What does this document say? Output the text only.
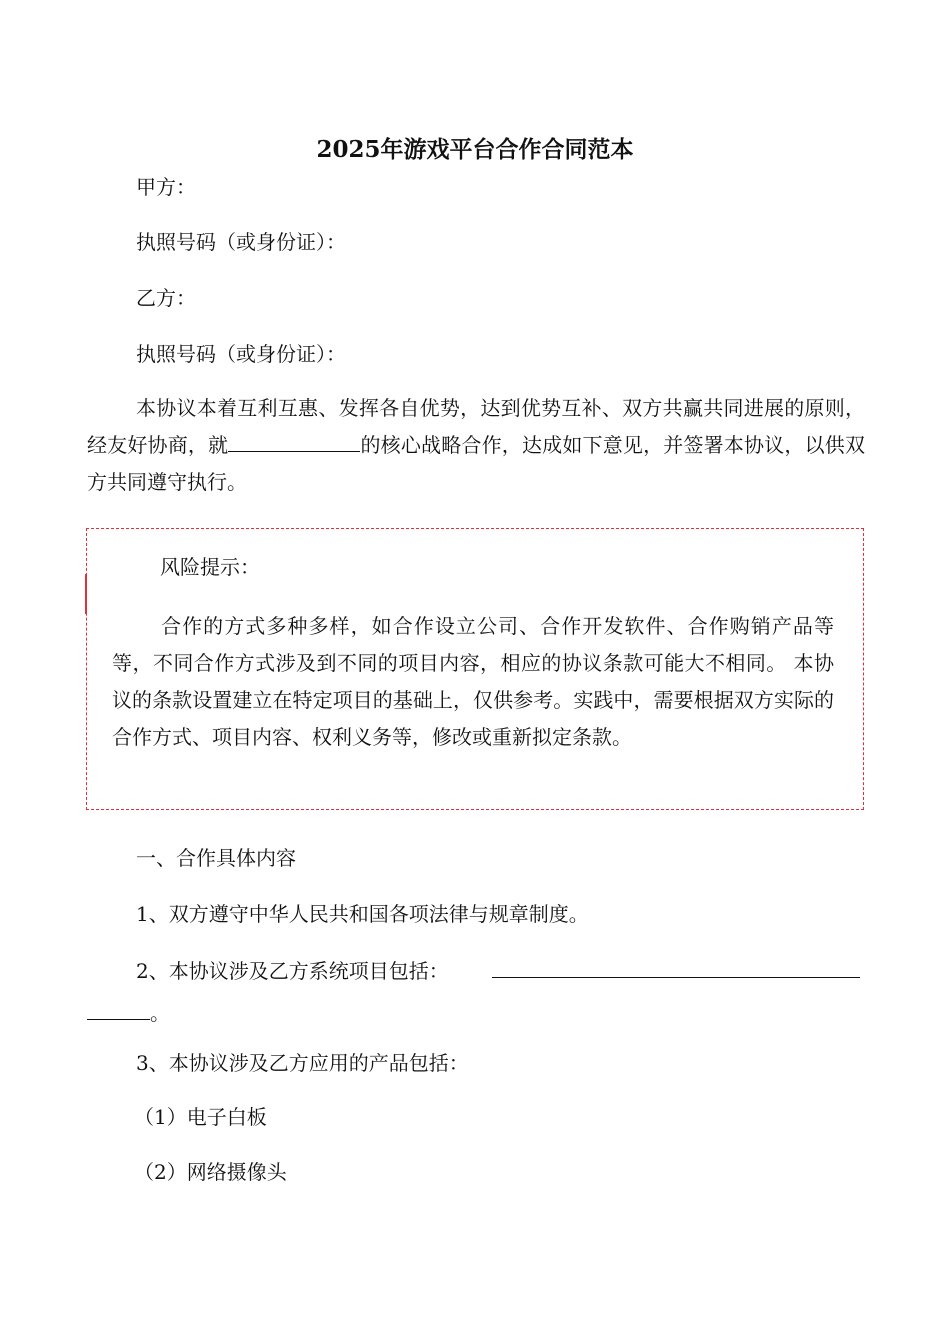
2025年游戏平台合作合同范本
甲方：
执照号码（或身份证）：
乙方：
执照号码（或身份证）：

本协议本着互利互惠、发挥各自优势，达到优势互补、双方共赢共同进展的原则，经友好协商，就	的核心战略合作，达成如下意见，并签署本协议，以供双方共同遵守执行。

风险提示：

合作的方式多种多样，如合作设立公司、合作开发软件、合作购销产品等等，不同合作方式涉及到不同的项目内容，相应的协议条款可能大不相同。 本协议的条款设置建立在特定项目的基础上，仅供参考。实践中，需要根据双方实际的合作方式、项目内容、权利义务等，修改或重新拟定条款。

一、合作具体内容
1、双方遵守中华人民共和国各项法律与规章制度。
2、本协议涉及乙方系统项目包括：
。
3、本协议涉及乙方应用的产品包括：
（1）电子白板
（2）网络摄像头
